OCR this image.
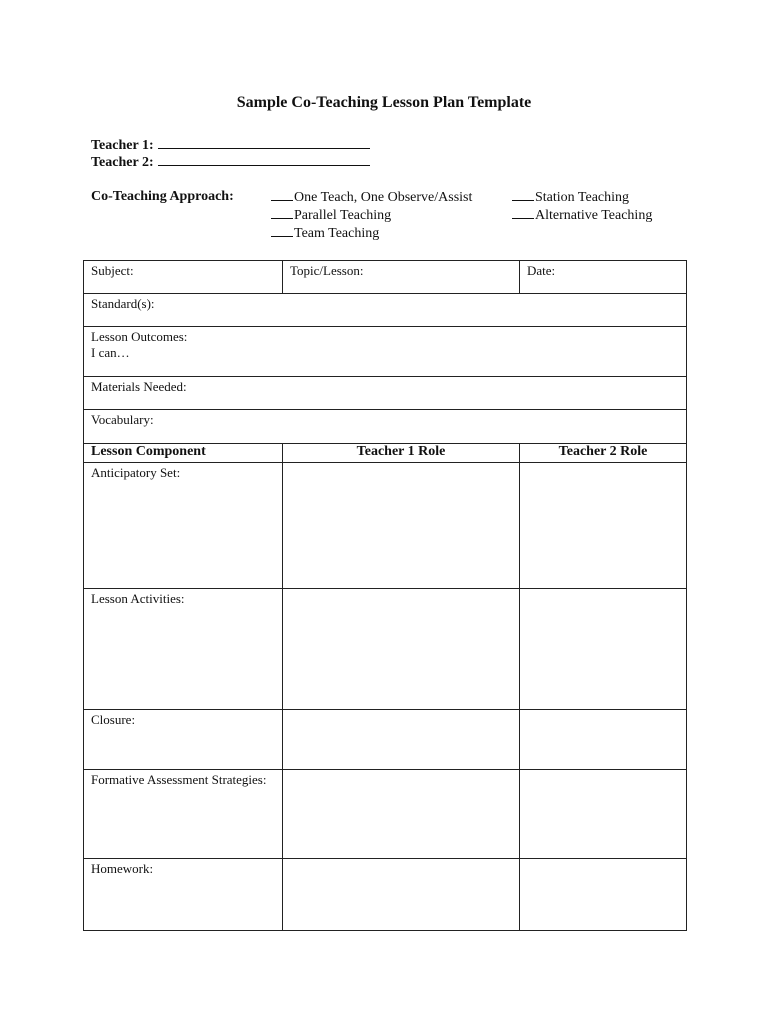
Sample Co-Teaching Lesson Plan Template
Teacher 1:
Teacher 2:
Co-Teaching Approach:	One Teach, One Observe/Assist
Parallel Teaching
Team Teaching
Station Teaching
Alternative Teaching
Subject:	Topic/Lesson:	Date:
Standard(s):		

Lesson Outcomes:
I can…		

Materials Needed:		
Vocabulary:		
Lesson Component	Teacher 1 Role	Teacher 2 Role
Anticipatory Set:		
Lesson Activities:		
Closure:		
Formative Assessment Strategies:		
Homework:		
